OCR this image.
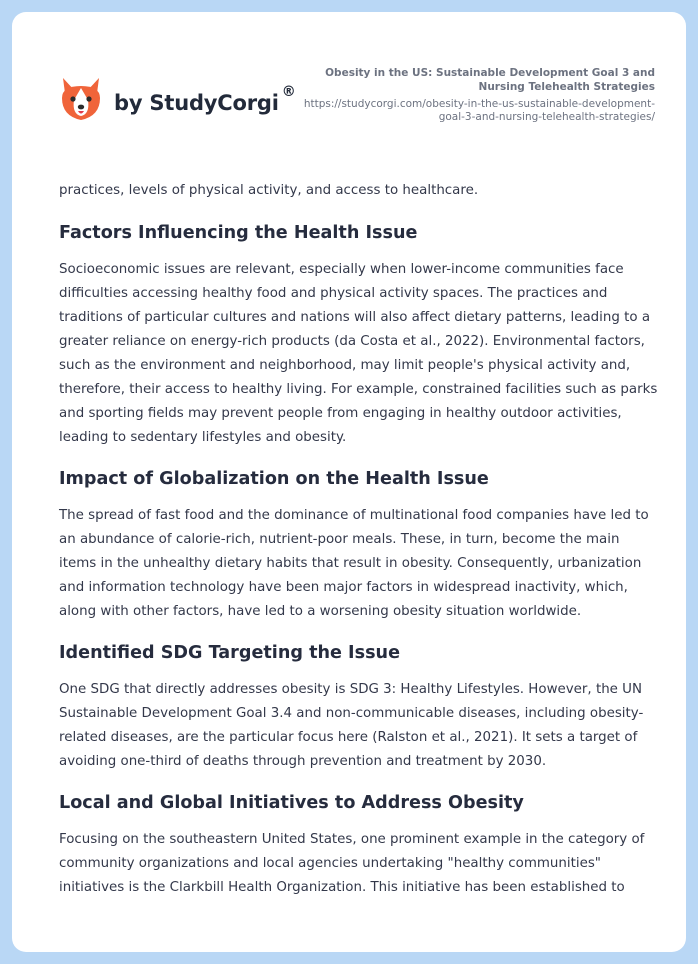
by StudyCorgi ®
Obesity in the US: Sustainable Development Goal 3 and Nursing Telehealth Strategies
https://studycorgi.com/obesity-in-the-us-sustainable-development-goal-3-and-nursing-telehealth-strategies/

practices, levels of physical activity, and access to healthcare.

Factors Influencing the Health Issue

Socioeconomic issues are relevant, especially when lower-income communities face difficulties accessing healthy food and physical activity spaces. The practices and traditions of particular cultures and nations will also affect dietary patterns, leading to a greater reliance on energy-rich products (da Costa et al., 2022). Environmental factors, such as the environment and neighborhood, may limit people's physical activity and, therefore, their access to healthy living. For example, constrained facilities such as parks and sporting fields may prevent people from engaging in healthy outdoor activities, leading to sedentary lifestyles and obesity.

Impact of Globalization on the Health Issue

The spread of fast food and the dominance of multinational food companies have led to an abundance of calorie-rich, nutrient-poor meals. These, in turn, become the main items in the unhealthy dietary habits that result in obesity. Consequently, urbanization and information technology have been major factors in widespread inactivity, which, along with other factors, have led to a worsening obesity situation worldwide.

Identified SDG Targeting the Issue

One SDG that directly addresses obesity is SDG 3: Healthy Lifestyles. However, the UN Sustainable Development Goal 3.4 and non-communicable diseases, including obesity-related diseases, are the particular focus here (Ralston et al., 2021). It sets a target of avoiding one-third of deaths through prevention and treatment by 2030.

Local and Global Initiatives to Address Obesity

Focusing on the southeastern United States, one prominent example in the category of community organizations and local agencies undertaking "healthy communities" initiatives is the Clarkbill Health Organization. This initiative has been established to
